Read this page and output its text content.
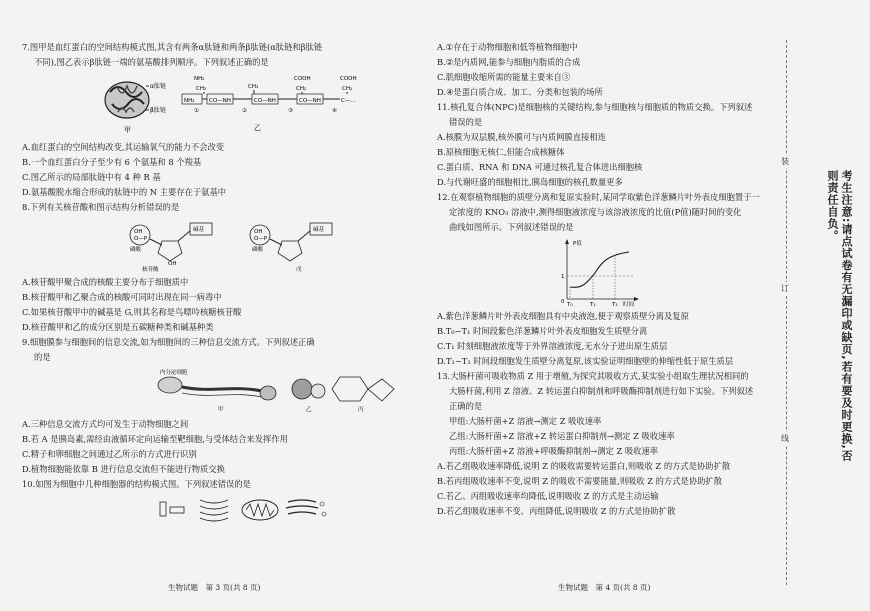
7.图甲是血红蛋白的空间结构模式图,其含有两条α肽链和两条β肽链(α肽链和β肽链

不同),图乙表示β肽链一端的氨基酸排列顺序。下列叙述正确的是

α肽链
β肽链
甲
NH₂
CH₂	CH₃
COOH
CH₂
COOH
CH₂
NH₂	CO—NH	CO—NH	CO—NH	C—…
①	②	③	④
乙

A.血红蛋白的空间结构改变,其运输氧气的能力不会改变

B.一个血红蛋白分子至少有 6 个氨基和 8 个羧基

C.图乙所示的局部肽链中有 4 种 R 基

D.氨基酸脱水缩合形成的肽链中的 N 主要存在于氨基中

8.下列有关核苷酸和图示结构分析错误的是

OH
O—P
碱基
OH
磷酸
核苷酸
OH
O—P
碱基
磷酸
戊

A.核苷酸甲聚合成的核酸主要分布于细胞质中

B.核苷酸甲和乙聚合成的核酸可同时出现在同一病毒中

C.如果核苷酸甲中的碱基是 G,则其名称是鸟嘌呤核糖核苷酸

D.核苷酸甲和乙的成分区别是五碳糖种类和碱基种类

9.细胞膜参与细胞间的信息交流,如为细胞间的三种信息交流方式。下列叙述正确

的是

内分泌细胞
甲	乙	丙

A.三种信息交流方式均可发生于动物细胞之间

B.若 A 是胰岛素,需经由液循环定向运输至靶细胞,与受体结合来发挥作用

C.精子和卵细胞之间通过乙所示的方式进行识别

D.植物细胞能依靠 B 进行信息交流但不能进行物质交换

10.如图为细胞中几种细胞器的结构模式图。下列叙述错误的是

生物试题　第 3 页(共 8 页)

A.①存在于动物细胞和低等植物细胞中

B.②是内质网,能参与细胞内脂质的合成

C.肌细胞收缩所需的能量主要来自③

D.④是蛋白质合成、加工、分类和包装的场所

11.核孔复合体(NPC)是细胞核的关键结构,参与细胞核与细胞质的物质交换。下列叙述

错误的是

A.核膜为双层膜,核外膜可与内质网膜直接相连

B.原核细胞无核仁,但能合成核糖体

C.蛋白质、RNA 和 DNA 可通过核孔复合体进出细胞核

D.与代谢旺盛的细胞相比,胰岛细胞的核孔数量更多

12.在观察植物细胞的质壁分离和复原实验时,某同学取紫色洋葱鳞片叶外表皮细胞置于一

定浓度的 KNO₃ 溶液中,测得细胞液浓度与该溶液浓度的比值(P值)随时间的变化

曲线如图所示。下列叙述错误的是

P值
1
0 T₀	T₁	T₂ 时间

A.紫色洋葱鳞片叶外表皮细胞具有中央液泡,便于观察质壁分离及复原

B.T₀~T₁ 时间段紫色洋葱鳞片叶外表皮细胞发生质壁分离

C.T₁ 时刻细胞液浓度等于外界溶液浓度,无水分子进出原生质层

D.T₁~T₂ 时间段细胞发生质壁分离复原,该实验证明细胞壁的伸缩性低于原生质层

13.大肠杆菌可吸收物质 Z 用于增殖,为探究其吸收方式,某实验小组取生理状况相同的

大肠杆菌,利用 Z 溶液、Z 转运蛋白抑制剂和呼吸酶抑制剂进行如下实验。下列叙述

正确的是

甲组:大肠杆菌+Z 溶液→测定 Z 吸收速率

乙组:大肠杆菌+Z 溶液+Z 转运蛋白抑制剂→测定 Z 吸收速率

丙组:大肠杆菌+Z 溶液+呼吸酶抑制剂→测定 Z 吸收速率

A.若乙组吸收速率降低,说明 Z 的吸收需要转运蛋白,则吸收 Z 的方式是协助扩散

B.若丙组吸收速率不变,说明 Z 的吸收不需要能量,则吸收 Z 的方式是协助扩散

C.若乙、丙组吸收速率均降低,说明吸收 Z 的方式是主动运输

D.若乙组吸收速率不变、丙组降低,说明吸收 Z 的方式是协助扩散

生物试题　第 4 页(共 8 页)
装
订
线	考生注意:请点试卷有无漏印或缺页,若有要及时更换,否则责任自负。
